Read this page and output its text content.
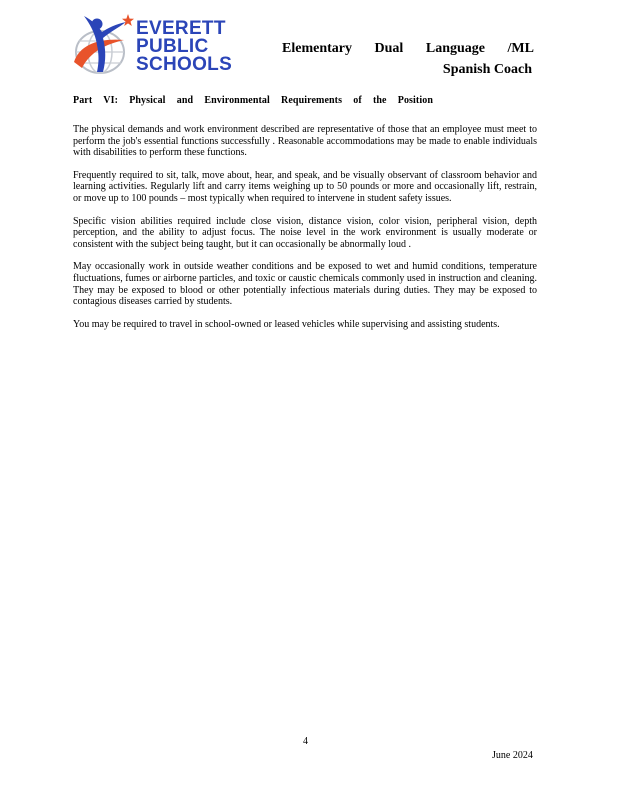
EVERETT
PUBLIC
SCHOOLS
Elementary Dual Language /ML
Spanish Coach
Part VI: Physical and Environmental Requirements of the Position

The physical demands and work environment described are representative of those that an employee must meet to perform the job's essential functions successfully . Reasonable accommodations may be made to enable individuals with disabilities to perform these functions.

Frequently required to sit, talk, move about, hear, and speak, and be visually observant of classroom behavior and learning activities. Regularly lift and carry items weighing up to 50 pounds or more and occasionally lift, restrain, or move up to 100 pounds – most typically when required to intervene in student safety issues.

Specific vision abilities required include close vision, distance vision, color vision, peripheral vision, depth perception, and the ability to adjust focus. The noise level in the work environment is usually moderate or consistent with the subject being taught, but it can occasionally be abnormally loud .

May occasionally work in outside weather conditions and be exposed to wet and humid conditions, temperature fluctuations, fumes or airborne particles, and toxic or caustic chemicals commonly used in instruction and cleaning. They may be exposed to blood or other potentially infectious materials during duties. They may be exposed to contagious diseases carried by students.

You may be required to travel in school-owned or leased vehicles while supervising and assisting students.

4
June 2024
